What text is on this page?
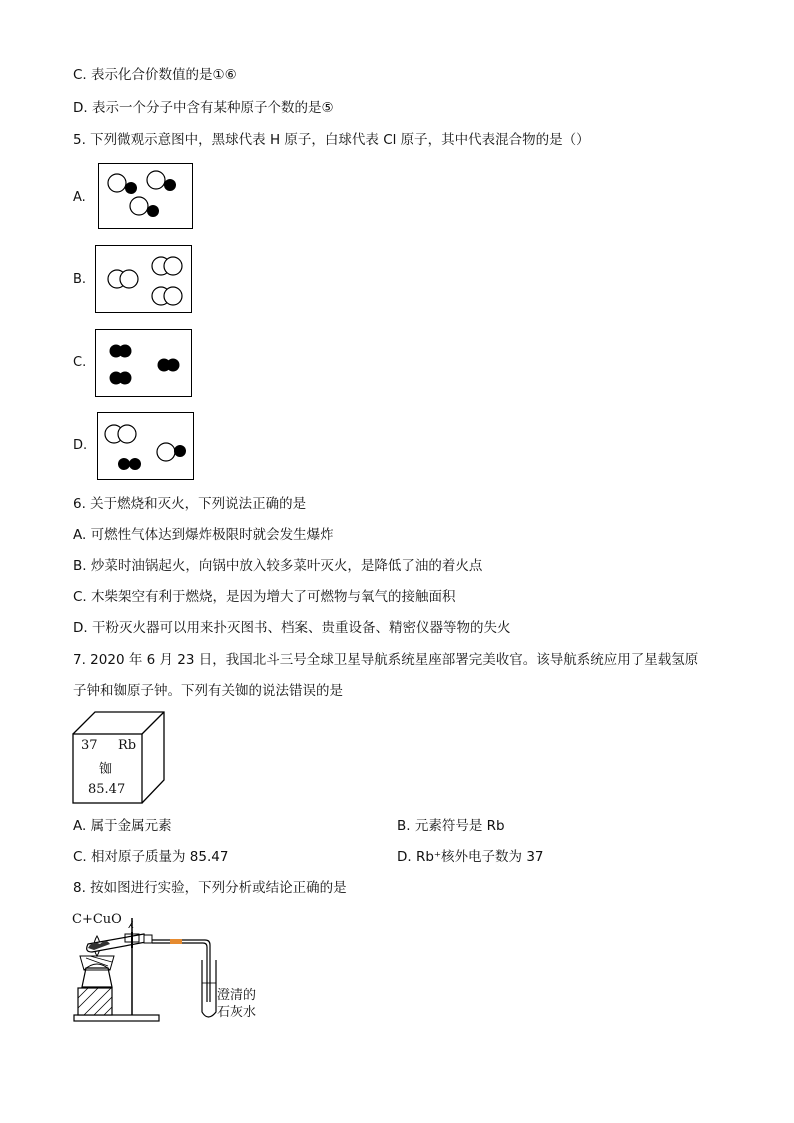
C. 表示化合价数值的是①⑥
D. 表示一个分子中含有某种原子个数的是⑤
5. 下列微观示意图中，黑球代表 H 原子，白球代表 Cl 原子，其中代表混合物的是（）
A.
B.
C.
D.
6. 关于燃烧和灭火，下列说法正确的是
A. 可燃性气体达到爆炸极限时就会发生爆炸
B. 炒菜时油锅起火，向锅中放入较多菜叶灭火，是降低了油的着火点
C. 木柴架空有利于燃烧，是因为增大了可燃物与氧气的接触面积
D. 干粉灭火器可以用来扑灭图书、档案、贵重设备、精密仪器等物的失火
7. 2020 年 6 月 23 日，我国北斗三号全球卫星导航系统星座部署完美收官。该导航系统应用了星载氢原
子钟和铷原子钟。下列有关铷的说法错误的是
37 Rb
铷
85.47
A. 属于金属元素	B. 元素符号是 Rb
C. 相对原子质量为 85.47	D. Rb⁺核外电子数为 37
8. 按如图进行实验，下列分析或结论正确的是
C+CuO ⵃ
澄清的
石灰水
